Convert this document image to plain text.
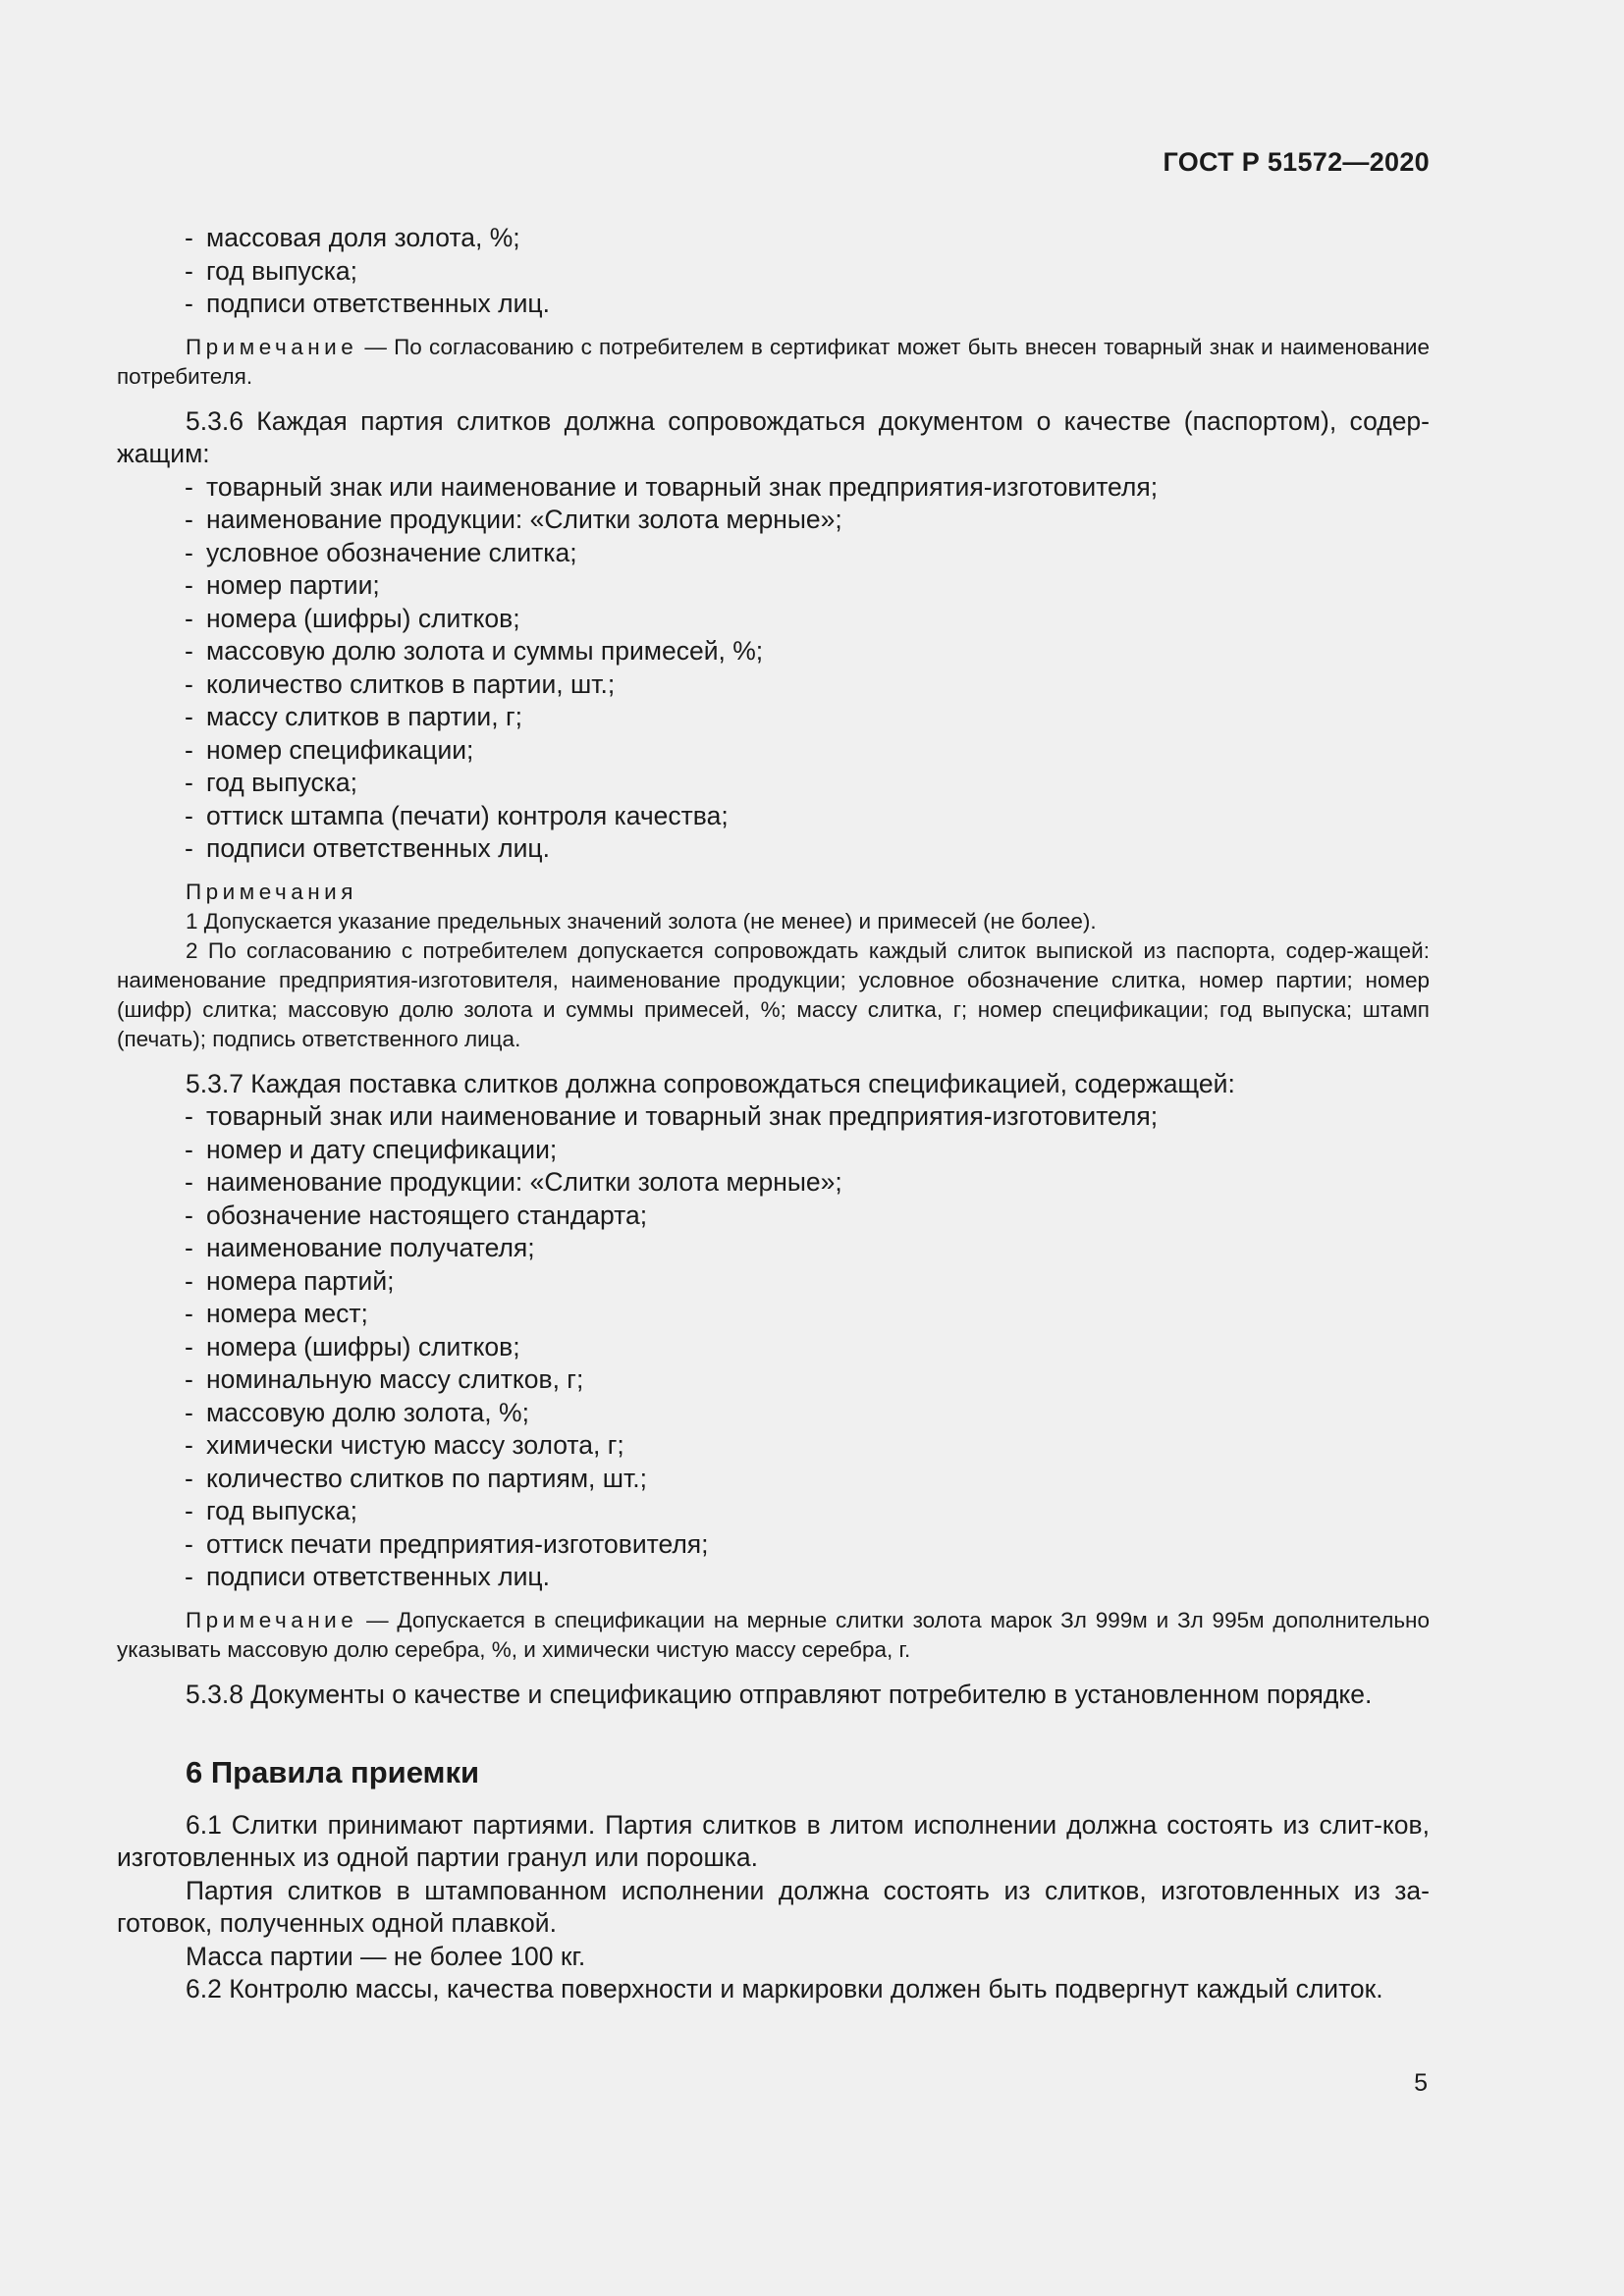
ГОСТ Р 51572—2020
- массовая доля золота, %;
- год выпуска;
- подписи ответственных лиц.
Примечание — По согласованию с потребителем в сертификат может быть внесен товарный знак и наименование потребителя.
5.3.6 Каждая партия слитков должна сопровождаться документом о качестве (паспортом), содер-жащим:
- товарный знак или наименование и товарный знак предприятия-изготовителя;
- наименование продукции: «Слитки золота мерные»;
- условное обозначение слитка;
- номер партии;
- номера (шифры) слитков;
- массовую долю золота и суммы примесей, %;
- количество слитков в партии, шт.;
- массу слитков в партии, г;
- номер спецификации;
- год выпуска;
- оттиск штампа (печати) контроля качества;
- подписи ответственных лиц.
Примечания
1 Допускается указание предельных значений золота (не менее) и примесей (не более).
2 По согласованию с потребителем допускается сопровождать каждый слиток выпиской из паспорта, содер-жащей: наименование предприятия-изготовителя, наименование продукции; условное обозначение слитка, номер партии; номер (шифр) слитка; массовую долю золота и суммы примесей, %; массу слитка, г; номер спецификации; год выпуска; штамп (печать); подпись ответственного лица.
5.3.7 Каждая поставка слитков должна сопровождаться спецификацией, содержащей:
- товарный знак или наименование и товарный знак предприятия-изготовителя;
- номер и дату спецификации;
- наименование продукции: «Слитки золота мерные»;
- обозначение настоящего стандарта;
- наименование получателя;
- номера партий;
- номера мест;
- номера (шифры) слитков;
- номинальную массу слитков, г;
- массовую долю золота, %;
- химически чистую массу золота, г;
- количество слитков по партиям, шт.;
- год выпуска;
- оттиск печати предприятия-изготовителя;
- подписи ответственных лиц.
Примечание — Допускается в спецификации на мерные слитки золота марок Зл 999м и Зл 995м дополнительно указывать массовую долю серебра, %, и химически чистую массу серебра, г.
5.3.8 Документы о качестве и спецификацию отправляют потребителю в установленном порядке.
6 Правила приемки
6.1 Слитки принимают партиями. Партия слитков в литом исполнении должна состоять из слит-ков, изготовленных из одной партии гранул или порошка.
Партия слитков в штампованном исполнении должна состоять из слитков, изготовленных из за-готовок, полученных одной плавкой.
Масса партии — не более 100 кг.
6.2 Контролю массы, качества поверхности и маркировки должен быть подвергнут каждый слиток.
5
